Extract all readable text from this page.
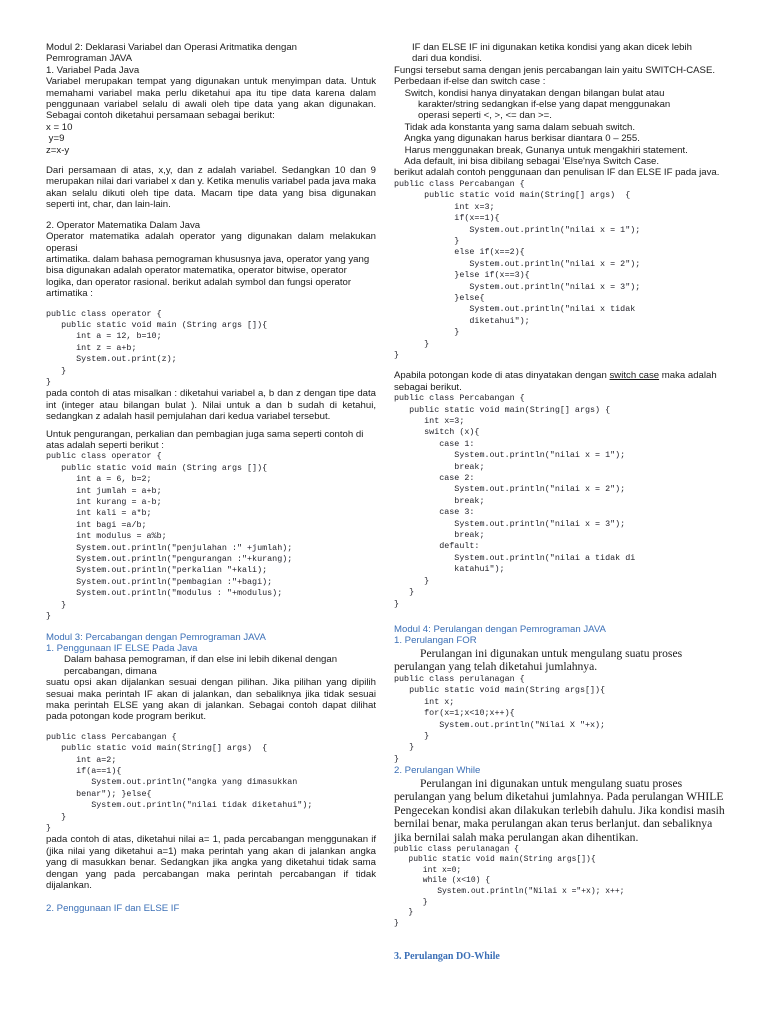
Modul 2: Deklarasi Variabel dan Operasi Aritmatika dengan
Pemrograman JAVA
1. Variabel Pada Java

Variabel merupakan tempat yang digunakan untuk menyimpan data. Untuk memahami variabel maka perlu diketahui apa itu tipe data karena dalam penggunaan variabel selalu di awali oleh tipe data yang akan digunakan. Sebagai contoh diketahui persamaan sebagai berikut:

x = 10
y=9
z=x-y

Dari persamaan di atas, x,y, dan z adalah variabel. Sedangkan 10 dan 9 merupakan nilai dari variabel x dan y. Ketika menulis variabel pada java maka akan selalu dikuti oleh tipe data. Macam tipe data yang bisa digunakan seperti int, char, dan lain-lain.

2. Operator Matematika Dalam Java

Operator matematika adalah operator yang digunakan dalam melakukan operasi

artimatika. dalam bahasa pemograman khususnya java, operator yang yang bisa digunakan adalah operator matematika, operator bitwise, operator logika, dan operator rasional. berikut adalah symbol dan fungsi operator artimatika :

public class operator {
public static void main (String args []){
int a = 12, b=10;
int z = a+b;
System.out.print(z);
}
}

pada contoh di atas misalkan : diketahui variabel a, b dan z dengan tipe data int (integer atau bilangan bulat ). Nilai untuk a dan b sudah di ketahui, sedangkan z adalah hasil pemjulahan dari kedua variabel tersebut.

Untuk pengurangan, perkalian dan pembagian juga sama seperti contoh di atas adalah seperti berikut :

public class operator {
public static void main (String args []){
int a = 6, b=2;
int jumlah = a+b;
int kurang = a-b;
int kali = a*b;
int bagi =a/b;
int modulus = a%b;
System.out.println("penjulahan :" +jumlah);
System.out.println("pengurangan :"+kurang);
System.out.println("perkalian "+kali);
System.out.println("pembagian :"+bagi);
System.out.println("modulus : "+modulus);
}
}
Modul 3: Percabangan dengan Pemrograman JAVA
1. Penggunaan IF ELSE Pada Java
Dalam bahasa pemograman, if dan else ini lebih dikenal dengan
percabangan, dimana

suatu opsi akan dijalankan sesuai dengan pilihan. Jika pilihan yang dipilih sesuai maka perintah IF akan di jalankan, dan sebaliknya jika tidak sesuai maka perintah ELSE yang akan di jalankan. Sebagai contoh dapat dilihat pada potongan kode program berikut.

public class Percabangan {
public static void main(String[] args)  {
int a=2;
if(a==1){
System.out.println("angka yang dimasukkan
benar"); }else{
System.out.println("nilai tidak diketahui");
}
}

pada contoh di atas, diketahui nilai a= 1, pada percabangan menggunakan if (jika nilai yang diketahui a=1) maka perintah yang akan di jalankan angka yang di masukkan benar. Sedangkan jika angka yang diketahui tidak sama dengan yang pada percabangan maka perintah percabangan if tidak dijalankan.

2. Penggunaan IF dan ELSE IF
IF dan ELSE IF ini digunakan ketika kondisi yang akan dicek lebih
dari dua kondisi.

Fungsi tersebut sama dengan jenis percabangan lain yaitu SWITCH-CASE. Perbedaan if-else dan switch case :

Switch, kondisi hanya dinyatakan dengan bilangan bulat atau
karakter/string sedangkan if-else yang dapat menggunakan
operasi seperti <, >, <= dan >=.
Tidak ada konstanta yang sama dalam sebuah switch.
Angka yang digunakan harus berkisar diantara 0 – 255.
Harus menggunakan break, Gunanya untuk mengakhiri statement.
Ada default, ini bisa dibilang sebagai 'Else'nya Switch Case.

berikut adalah contoh penggunaan dan penulisan IF dan ELSE IF pada java.

public class Percabangan {
public static void main(String[] args)  {
int x=3;
if(x==1){
System.out.println("nilai x = 1");
}
else if(x==2){
System.out.println("nilai x = 2");
}else if(x==3){
System.out.println("nilai x = 3");
}else{
System.out.println("nilai x tidak
diketahui");
}
}
}

Apabila potongan kode di atas dinyatakan dengan switch case maka adalah sebagai berikut.

public class Percabangan {
public static void main(String[] args) {
int x=3;
switch (x){
case 1:
System.out.println("nilai x = 1");
break;
case 2:
System.out.println("nilai x = 2");
break;
case 3:
System.out.println("nilai x = 3");
break;
default:
System.out.println("nilai a tidak di
katahui");
}
}
}
Modul 4: Perulangan dengan Pemrograman JAVA
1. Perulangan FOR

Perulangan ini digunakan untuk mengulang suatu proses perulangan yang telah diketahui jumlahnya.

public class perulanagan {
public static void main(String args[]){
int x;
for(x=1;x<10;x++){
System.out.println("Nilai X "+x);
}
}
}
2. Perulangan While

Perulangan ini digunakan untuk mengulang suatu proses perulangan yang belum diketahui jumlahnya. Pada perulangan WHILE Pengecekan kondisi akan dilakukan terlebih dahulu. Jika kondisi masih bernilai benar, maka perulangan akan terus berlanjut. dan sebaliknya jika bernilai salah maka perulangan akan dihentikan.

public class perulanagan {
public static void main(String args[]){
int x=0;
while (x<10) {
System.out.println("Nilai x ="+x); x++;
}
}
}
3. Perulangan DO-While
